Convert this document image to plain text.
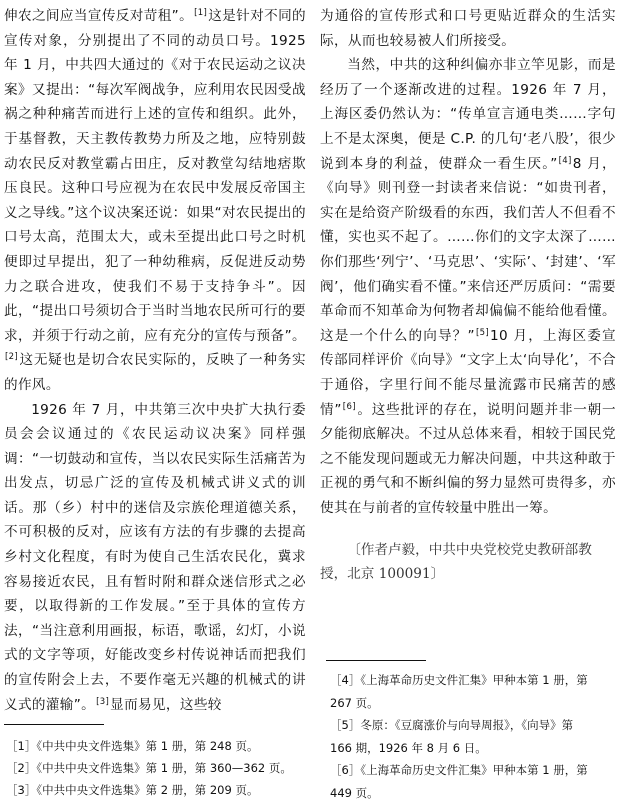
伸农之间应当宣传反对苛租”。[1]这是针对不同的宣传对象，分别提出了不同的动员口号。1925 年 1 月，中共四大通过的《对于农民运动之议决案》又提出：“每次军阀战争，应利用农民因受战祸之种种痛苦而进行上述的宣传和组织。此外，于基督教，天主教传教势力所及之地，应特别鼓动农民反对教堂霸占田庄，反对教堂勾结地痞欺压良民。这种口号应视为在农民中发展反帝国主义之导线。”这个议决案还说：如果“对农民提出的口号太高，范围太大，或未至提出此口号之时机便即过早提出，犯了一种幼稚病，反促进反动势力之联合进攻，使我们不易于支持争斗”。因此，“提出口号须切合于当时当地农民所可行的要求，并须于行动之前，应有充分的宣传与预备”。[2]这无疑也是切合农民实际的，反映了一种务实的作风。

1926 年 7 月，中共第三次中央扩大执行委员会会议通过的《农民运动议决案》同样强调：“一切鼓动和宣传，当以农民实际生活痛苦为出发点，切忌广泛的宣传及机械式讲义式的训话。那（乡）村中的迷信及宗族伦理道德关系，不可积极的反对，应该有方法的有步骤的去提高乡村文化程度，有时为使自己生活农民化，冀求容易接近农民，且有暂时附和群众迷信形式之必要，以取得新的工作发展。”至于具体的宣传方法，“当注意利用画报，标语，歌谣，幻灯，小说式的文字等项，好能改变乡村传说神话而把我们的宣传附会上去，不要作毫无兴趣的机械式的讲义式的灌输”。[3]显而易见，这些较

［1］《中共中央文件选集》第 1 册，第 248 页。
［2］《中共中央文件选集》第 1 册，第 360—362 页。
［3］《中共中央文件选集》第 2 册，第 209 页。

为通俗的宣传形式和口号更贴近群众的生活实际，从而也较易被人们所接受。

当然，中共的这种纠偏亦非立竿见影，而是经历了一个逐渐改进的过程。1926 年 7 月，上海区委仍然认为：“传单宣言通电类……字句上不是太深奥，便是 C.P. 的几句‘老八股’，很少说到本身的利益，使群众一看生厌。”[4]8 月，《向导》则刊登一封读者来信说：“如贵刊者，实在是给资产阶级看的东西，我们苦人不但看不懂，实也买不起了。……你们的文字太深了……你们那些‘列宁’、‘马克思’、‘实际’、‘封建’、‘军阀’，他们确实看不懂。”来信还严厉质问：“需要革命而不知革命为何物者却偏偏不能给他看懂。这是一个什么的向导？”[5]10 月，上海区委宣传部同样评价《向导》“文字上太‘向导化’，不合于通俗，字里行间不能尽量流露市民痛苦的感情”[6]。这些批评的存在，说明问题并非一朝一夕能彻底解决。不过从总体来看，相较于国民党之不能发现问题或无力解决问题，中共这种敢于正视的勇气和不断纠偏的努力显然可贵得多，亦使其在与前者的宣传较量中胜出一筹。

〔作者卢毅，中共中央党校党史教研部教授，北京 100091〕

［4］《上海革命历史文件汇集》甲种本第 1 册，第
267 页。
［5］冬原：《豆腐涨价与向导周报》，《向导》第
166 期，1926 年 8 月 6 日。
［6］《上海革命历史文件汇集》甲种本第 1 册，第
449 页。
